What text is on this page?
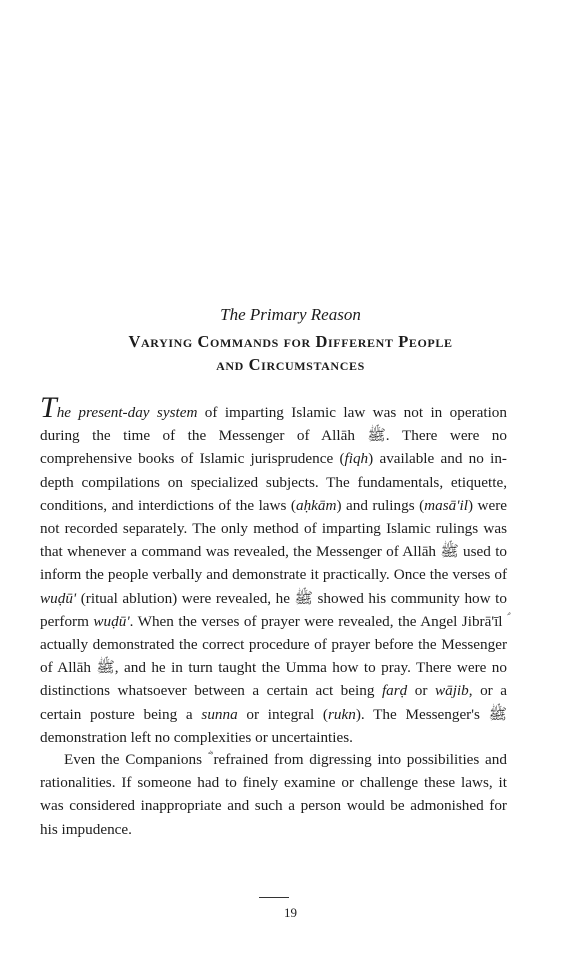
The Primary Reason
Varying Commands for Different People
and Circumstances

The present-day system of imparting Islamic law was not in operation during the time of the Messenger of Allāh ﷺ. There were no comprehensive books of Islamic jurisprudence (fiqh) available and no in-depth compilations on specialized subjects. The fundamentals, etiquette, conditions, and interdictions of the laws (aḥkām) and rulings (masā'il) were not recorded separately. The only method of imparting Islamic rulings was that whenever a command was revealed, the Messenger of Allāh ﷺ used to inform the people verbally and demonstrate it practically. Once the verses of wuḍū' (ritual ablution) were revealed, he ﷺ showed his community how to perform wuḍū'. When the verses of prayer were revealed, the Angel Jibrā'īl ؑ actually demonstrated the correct procedure of prayer before the Messenger of Allāh ﷺ, and he in turn taught the Umma how to pray. There were no distinctions whatsoever between a certain act being farḍ or wājib, or a certain posture being a sunna or integral (rukn). The Messenger's ﷺ demonstration left no complexities or uncertainties.

Even the Companions ؓ refrained from digressing into possibilities and rationalities. If someone had to finely examine or challenge these laws, it was considered inappropriate and such a person would be admonished for his impudence.

19
